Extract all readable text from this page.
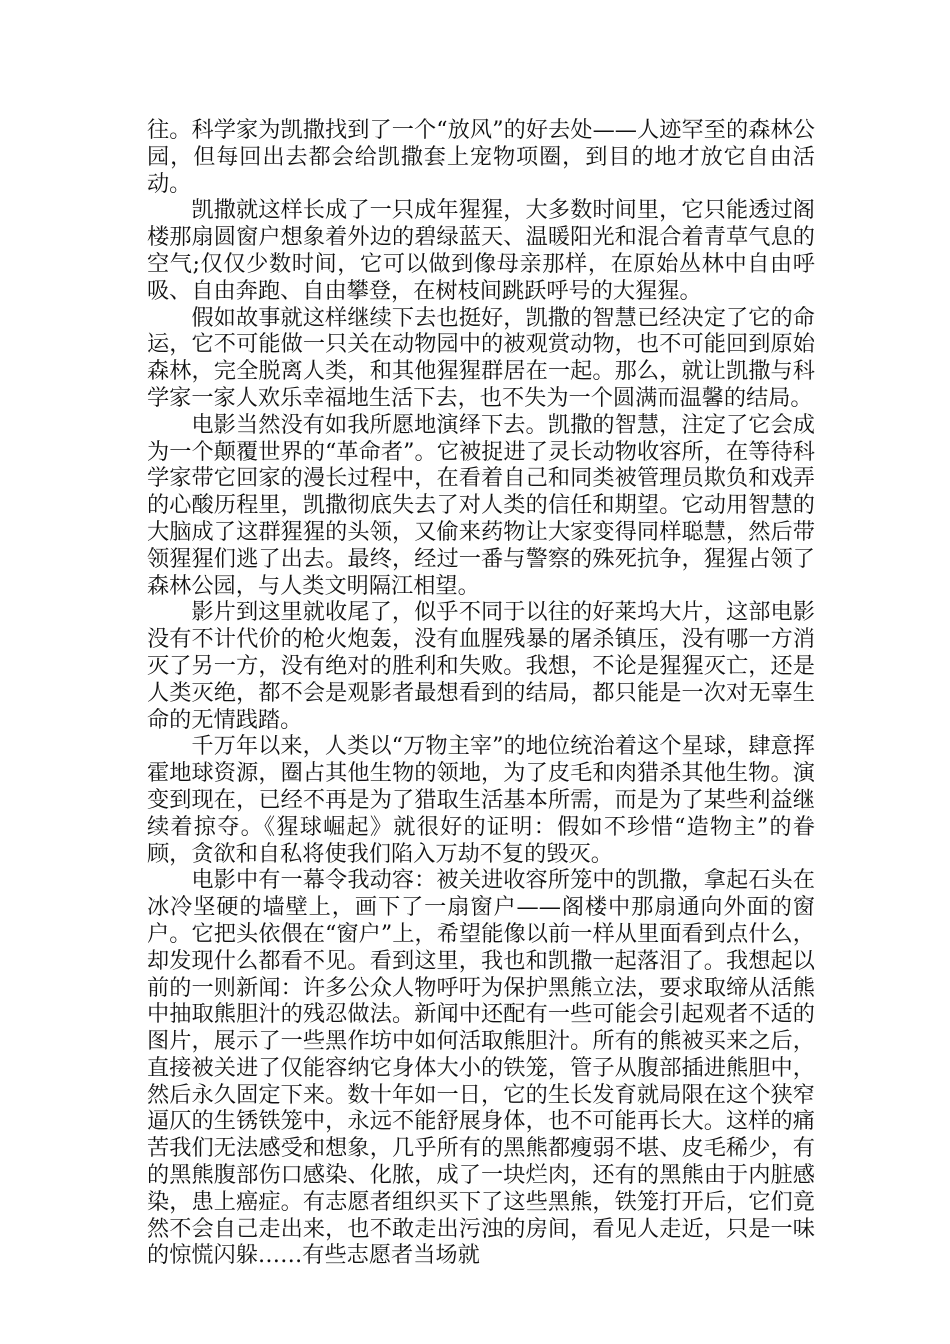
往。科学家为凯撒找到了一个“放风”的好去处——人迹罕至的森林公园，但每回出去都会给凯撒套上宠物项圈，到目的地才放它自由活动。

凯撒就这样长成了一只成年猩猩，大多数时间里，它只能透过阁楼那扇圆窗户想象着外边的碧绿蓝天、温暖阳光和混合着青草气息的空气;仅仅少数时间，它可以做到像母亲那样，在原始丛林中自由呼吸、自由奔跑、自由攀登，在树枝间跳跃呼号的大猩猩。

假如故事就这样继续下去也挺好，凯撒的智慧已经决定了它的命运，它不可能做一只关在动物园中的被观赏动物，也不可能回到原始森林，完全脱离人类，和其他猩猩群居在一起。那么，就让凯撒与科学家一家人欢乐幸福地生活下去，也不失为一个圆满而温馨的结局。

电影当然没有如我所愿地演绎下去。凯撒的智慧，注定了它会成为一个颠覆世界的“革命者”。它被捉进了灵长动物收容所，在等待科学家带它回家的漫长过程中，在看着自己和同类被管理员欺负和戏弄的心酸历程里，凯撒彻底失去了对人类的信任和期望。它动用智慧的大脑成了这群猩猩的头领，又偷来药物让大家变得同样聪慧，然后带领猩猩们逃了出去。最终，经过一番与警察的殊死抗争，猩猩占领了森林公园，与人类文明隔江相望。

影片到这里就收尾了，似乎不同于以往的好莱坞大片，这部电影没有不计代价的枪火炮轰，没有血腥残暴的屠杀镇压，没有哪一方消灭了另一方，没有绝对的胜利和失败。我想，不论是猩猩灭亡，还是人类灭绝，都不会是观影者最想看到的结局，都只能是一次对无辜生命的无情践踏。

千万年以来，人类以“万物主宰”的地位统治着这个星球，肆意挥霍地球资源，圈占其他生物的领地，为了皮毛和肉猎杀其他生物。演变到现在，已经不再是为了猎取生活基本所需，而是为了某些利益继续着掠夺。《猩球崛起》就很好的证明：假如不珍惜“造物主”的眷顾，贪欲和自私将使我们陷入万劫不复的毁灭。

电影中有一幕令我动容：被关进收容所笼中的凯撒，拿起石头在冰冷坚硬的墙壁上，画下了一扇窗户——阁楼中那扇通向外面的窗户。它把头依偎在“窗户”上，希望能像以前一样从里面看到点什么，却发现什么都看不见。看到这里，我也和凯撒一起落泪了。我想起以前的一则新闻：许多公众人物呼吁为保护黑熊立法，要求取缔从活熊中抽取熊胆汁的残忍做法。新闻中还配有一些可能会引起观者不适的图片，展示了一些黑作坊中如何活取熊胆汁。所有的熊被买来之后，直接被关进了仅能容纳它身体大小的铁笼，管子从腹部插进熊胆中，然后永久固定下来。数十年如一日，它的生长发育就局限在这个狭窄逼仄的生锈铁笼中，永远不能舒展身体，也不可能再长大。这样的痛苦我们无法感受和想象，几乎所有的黑熊都瘦弱不堪、皮毛稀少，有的黑熊腹部伤口感染、化脓，成了一块烂肉，还有的黑熊由于内脏感染，患上癌症。有志愿者组织买下了这些黑熊，铁笼打开后，它们竟然不会自己走出来，也不敢走出污浊的房间，看见人走近，只是一味的惊慌闪躲……有些志愿者当场就
